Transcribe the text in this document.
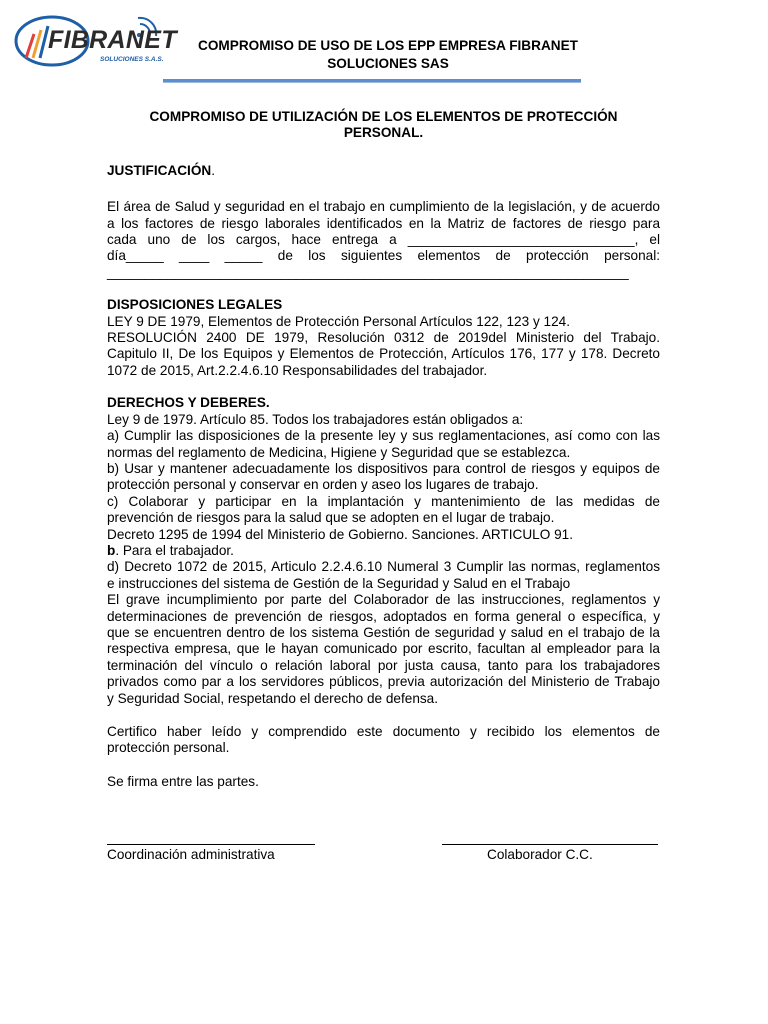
FIBRANET
SOLUCIONES S.A.S.
COMPROMISO DE USO DE LOS EPP EMPRESA FIBRANET
SOLUCIONES SAS
COMPROMISO DE UTILIZACIÓN DE LOS ELEMENTOS DE PROTECCIÓN
PERSONAL.

JUSTIFICACIÓN.

El área de Salud y seguridad en el trabajo en cumplimiento de la legislación, y de acuerdo

a los factores de riesgo laborales identificados en la Matriz de factores de riesgo para

cada uno de los cargos, hace entrega a ______________________________, el

día_____ ____ _____ de los siguientes elementos de protección personal:

_____________________________________________________________________

DISPOSICIONES LEGALES

LEY 9 DE 1979, Elementos de Protección Personal Artículos 122, 123 y 124.

RESOLUCIÓN 2400 DE 1979, Resolución 0312 de 2019del Ministerio del Trabajo.

Capitulo II, De los Equipos y Elementos de Protección, Artículos 176, 177 y 178. Decreto

1072 de 2015, Art.2.2.4.6.10 Responsabilidades del trabajador.

DERECHOS Y DEBERES.

Ley 9 de 1979. Artículo 85. Todos los trabajadores están obligados a:

a) Cumplir las disposiciones de la presente ley y sus reglamentaciones, así como con las

normas del reglamento de Medicina, Higiene y Seguridad que se establezca.

b) Usar y mantener adecuadamente los dispositivos para control de riesgos y equipos de

protección personal y conservar en orden y aseo los lugares de trabajo.

c) Colaborar y participar en la implantación y mantenimiento de las medidas de

prevención de riesgos para la salud que se adopten en el lugar de trabajo.

Decreto 1295 de 1994 del Ministerio de Gobierno. Sanciones. ARTICULO 91.

b. Para el trabajador.

d) Decreto 1072 de 2015, Articulo 2.2.4.6.10 Numeral 3 Cumplir las normas, reglamentos

e instrucciones del sistema de Gestión de la Seguridad y Salud en el Trabajo

El grave incumplimiento por parte del Colaborador de las instrucciones, reglamentos y

determinaciones de prevención de riesgos, adoptados en forma general o específica, y

que se encuentren dentro de los sistema Gestión de seguridad y salud en el trabajo de la

respectiva empresa, que le hayan comunicado por escrito, facultan al empleador para la

terminación del vínculo o relación laboral por justa causa, tanto para los trabajadores

privados como par a los servidores públicos, previa autorización del Ministerio de Trabajo

y Seguridad Social, respetando el derecho de defensa.

Certifico haber leído y comprendido este documento y recibido los elementos de

protección personal.

Se firma entre las partes.

Coordinación administrativa	Colaborador C.C.
